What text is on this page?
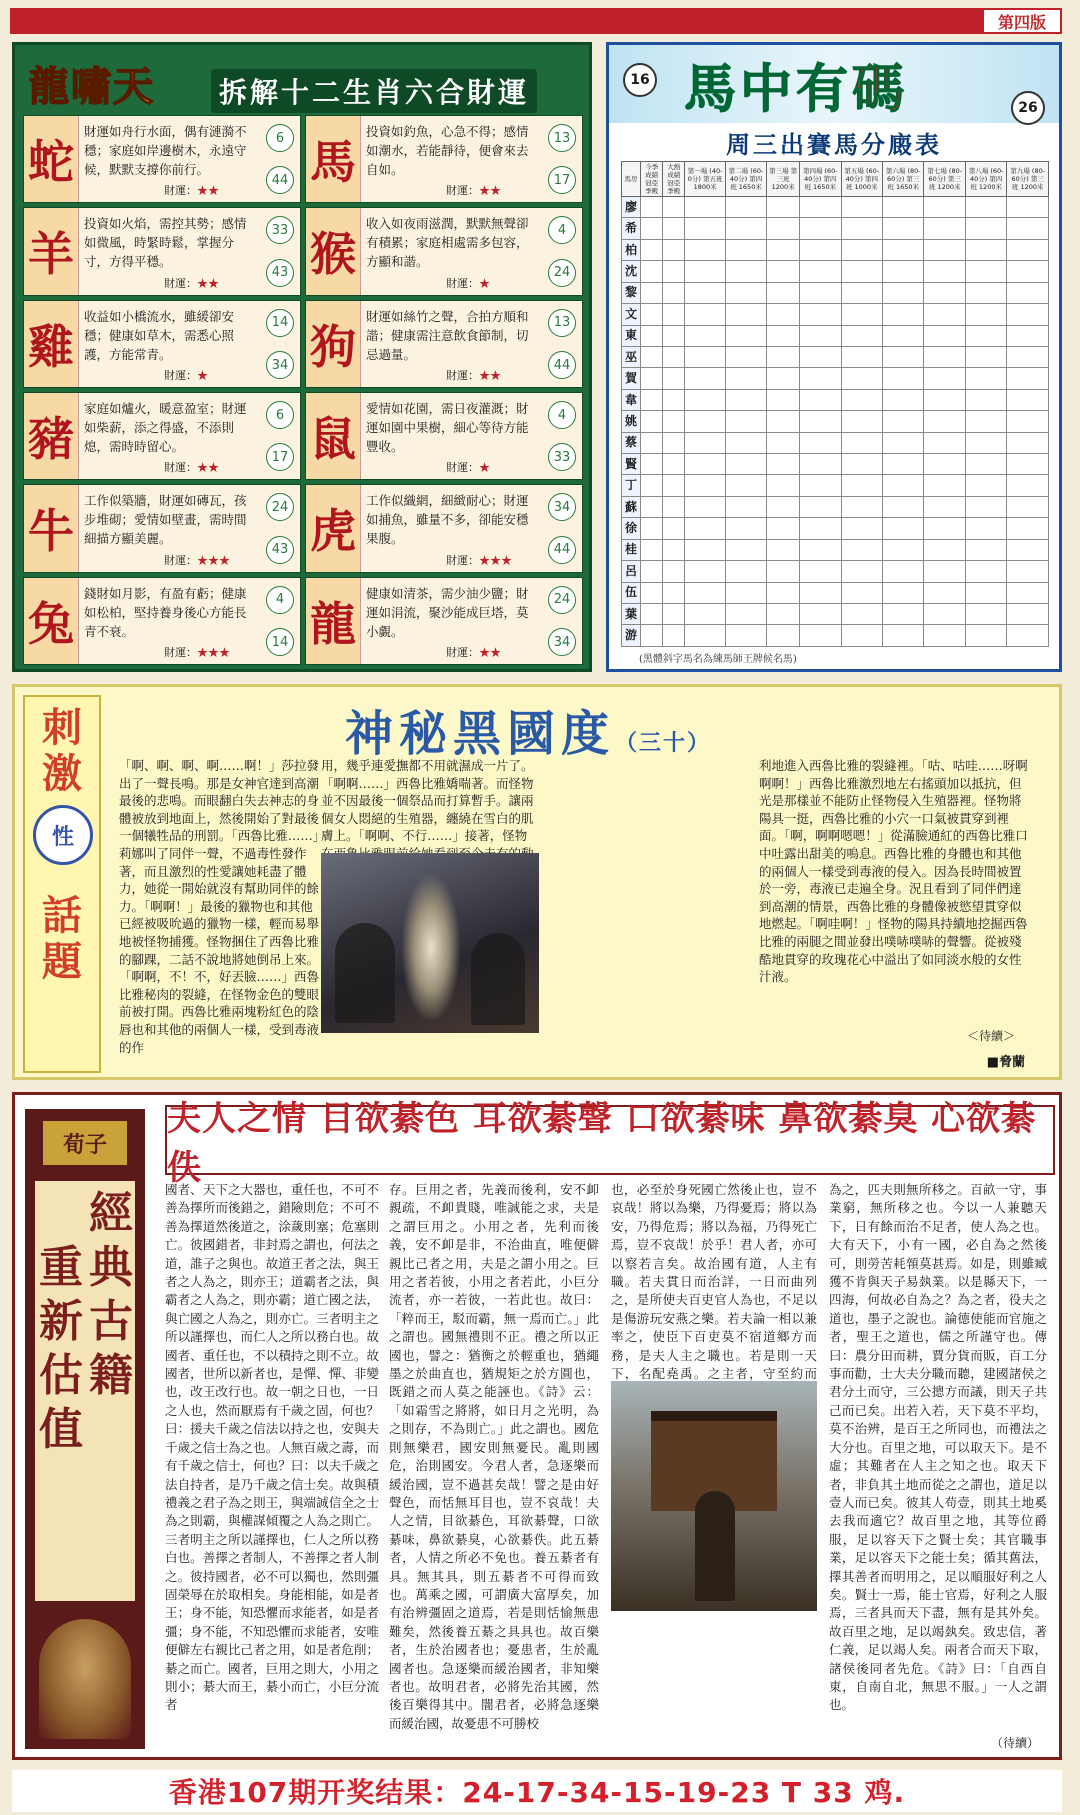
第四版
龍嘯天 拆解十二生肖六合財運
蛇
財運如舟行水面，偶有漣漪不穩；家庭如岸邊樹木，永遠守候，默默支撐你前行。
財運：★★
6
44 馬
投資如釣魚，心急不得；感情如潮水，若能靜待，便會來去自如。
財運：★★
13
17
羊
投資如火焰，需控其勢；感情如微風，時緊時鬆，掌握分寸，方得平穩。
財運：★★
33
43 猴
收入如夜雨滋潤，默默無聲卻有積累；家庭相處需多包容，方顯和諧。
財運：★
4
24
雞
收益如小橋流水，雖緩卻安穩；健康如草木，需悉心照護，方能常青。
財運：★
14
34 狗
財運如絲竹之聲，合拍方順和諧；健康需注意飲食節制，切忌過量。
財運：★★
13
44
豬
家庭如爐火，暖意盈室；財運如柴薪，添之得盛，不添則熄，需時時留心。
財運：★★
6
17 鼠
愛情如花園，需日夜灌溉；財運如園中果樹，細心等待方能豐收。
財運：★
4
33
牛
工作似築牆，財運如磚瓦，孩步堆砌；愛情如壁畫，需時間細描方顯美麗。
財運：★★★
24
43 虎
工作似織網，細緻耐心；財運如捕魚，雖量不多，卻能安穩果腹。
財運：★★★
34
44
兔
錢財如月影，有盈有虧；健康如松柏，堅持養身後心方能長青不衰。
財運：★★★
4
14 龍
健康如清茶，需少油少鹽；財運如涓流，聚沙能成巨塔，莫小覷。
財運：★★
24
34
16 馬中有碼	26
周三出賽馬分廄表
馬房	今季成績 冠亞季殿	大熱成績 冠亞季殿	第一場 (40-0分) 第五班 1800米	第二場 (60-40分) 第四班 1650米	第三場 第三班 1200米	第四場 (60-40分) 第四班 1650米	第五場 (60-40分) 第四班 1000米	第六場 (80-60分) 第三班 1650米	第七場 (80-60分) 第三班 1200米	第八場 (60-40分) 第四班 1200米	第九場 (80-60分) 第三班 1200米
廖											
希											
柏											
沈											
黎											
文											
東											
巫											
賀											
韋											
姚											
蔡											
賢											
丁											
蘇											
徐											
桂											
呂											
伍											
葉											
游											
(黑體斜字馬名為練馬師王牌候名馬)
刺激
性
話題
神秘黑國度（三十）

「啊、啊、啊、啊……啊！」莎拉發出了一聲長鳴。那是女神官達到高潮最後的悲鳴。而眼翻白失去神志的身體被放到地面上，然後開始了對最後一個犧牲品的刑罰。「西魯比雅……」莉娜叫了同伴一聲，不過毒性發作著，而且激烈的性愛讓她耗盡了體力，她從一開始就沒有幫助同伴的餘力。「啊啊！」最後的獵物也和其他已經被吸吮過的獵物一樣，輕而易舉地被怪物捕獲。怪物捆住了西魯比雅的腳踝，二話不說地將她倒吊上來。「啊啊，不！不，好丟臉……」西魯比雅秘肉的裂縫，在怪物金色的雙眼前被打開。西魯比雅兩塊粉紅色的陰唇也和其他的兩個人一樣，受到毒液的作

用，幾乎連愛撫都不用就濕成一片了。「啊啊……」西魯比雅嬌喘著。而怪物並不因最後一個祭品而打算暫手。讓兩個女人悶絕的生殖器，纏繞在雪白的肌膚上。「啊啊、不行……」接著，怪物

利地進入西魯比雅的裂縫裡。「咕、咕哇……呀啊啊啊！」西魯比雅激烈地左右搖頭加以抵抗，但光是那樣並不能防止怪物侵入生殖器裡。怪物將陽具一挺，西魯比雅的小穴一口氣被貫穿到裡面。「啊，啊啊嗯嗯！」從滿臉通紅的西魯比雅口中吐露出甜美的嗚息。西魯比雅的身體也和其他的兩個人一樣受到毒液的侵入。因為長時間被置於一旁，毒液已走遍全身。況且看到了同伴們達到高潮的情景，西魯比雅的身體像被慾望貫穿似地燃起。「啊哇啊！」怪物的陽具持續地挖掘西魯比雅的兩腿之間並發出噗哧噗哧的聲響。從被殘酷地貫穿的玫瑰花心中溢出了如同淡水般的女性汁液。

＜待續＞
■脅蘭
荀子
經典古籍
重新估值
夫人之情 目欲綦色 耳欲綦聲 口欲綦味 鼻欲綦臭 心欲綦佚

國者、天下之大器也，重任也，不可不善為擇所而後錯之，錯險則危；不可不善為擇道然後道之，涂薉則塞；危塞則亡。彼國錯者，非封焉之謂也，何法之道，誰子之與也。故道王者之法，與王者之人為之，則亦王；道霸者之法，與霸者之人為之，則亦霸；道亡國之法，與亡國之人為之，則亦亡。三者明主之所以謹擇也，而仁人之所以務白也。故國者、重任也，不以積持之則不立。故國者，世所以新者也，是憚、憚、非變也，改王改行也。故一朝之日也，一日之人也，然而厭焉有千歲之固，何也？曰：援夫千歲之信法以持之也，安與夫千歲之信士為之也。人無百歲之壽，而有千歲之信士，何也？曰：以夫千歲之法自持者，是乃千歲之信士矣。故與積禮義之君子為之則王，與端誠信全之士為之則霸，與權謀傾覆之人為之則亡。三者明主之所以謹擇也，仁人之所以務白也。善擇之者制人，不善擇之者人制之。彼持國者，必不可以獨也，然則彊固榮辱在於取相矣。身能相能，如是者王；身不能，知恐懼而求能者，如是者彊；身不能，不知恐懼而求能者，安唯便僻左右親比己者之用，如是者危削；綦之而亡。國者，巨用之則大，小用之則小；綦大而王，綦小而亡，小巨分流者

存。巨用之者，先義而後利，安不卹親疏，不卹貴賤，唯誠能之求，夫是之謂巨用之。小用之者，先利而後義，安不卹是非，不治曲直，唯便僻親比己者之用，夫是之謂小用之。巨用之者若彼，小用之者若此，小巨分流者，亦一若彼，一若此也。故曰：「粹而王，駁而霸，無一焉而亡。」此之謂也。國無禮則不正。禮之所以正國也，譬之：猶衡之於輕重也，猶繩墨之於曲直也，猶規矩之於方圓也，既錯之而人莫之能誣也。《詩》云：「如霜雪之將將，如日月之光明，為之則存，不為則亡。」此之謂也。國危則無樂君，國安則無憂民。亂則國危，治則國安。今君人者，急逐樂而緩治國，豈不過甚矣哉！譬之是由好聲色，而恬無耳目也，豈不哀哉！夫人之情，目欲綦色，耳欲綦聲，口欲綦味，鼻欲綦臭，心欲綦佚。此五綦者，人情之所必不免也。養五綦者有具。無其具，則五綦者不可得而致也。萬乘之國，可謂廣大富厚矣，加有治辨彊固之道焉，若是則恬愉無患難矣，然後養五綦之具具也。故百樂者，生於治國者也；憂患者，生於亂國者也。急逐樂而緩治國者，非知樂者也。故明君者，必將先治其國，然後百樂得其中。闇君者，必將急逐樂而緩治國，故憂患不可勝校

也，必至於身死國亡然後止也，豈不哀哉！將以為樂，乃得憂焉；將以為安，乃得危焉；將以為福，乃得死亡焉，豈不哀哉！於乎！君人者，亦可以察若言矣。故治國有道，人主有職。若夫貫日而治詳，一日而曲列之，是所使夫百吏官人為也，不足以是傷游玩安燕之樂。若夫論一相以兼率之，使臣下百吏莫不宿道鄉方而務，是夫人主之職也。若是則一天下，名配堯禹。之主者，守至約而

為之，匹夫則無所移之。百畝一守，事業窮，無所移之也。今以一人兼聽天下，日有餘而治不足者，使人為之也。大有天下，小有一國，必自為之然後可，則勞苦耗顇莫甚焉。如是，則雖臧獲不肯與天子易埶業。以是縣天下，一四海，何故必自為之？為之者，役夫之道也，墨子之說也。論德使能而官施之者，聖王之道也，儒之所謹守也。傳曰：農分田而耕，賈分貨而販，百工分事而勸，士大夫分職而聽，建國諸侯之君分土而守，三公摠方而議，則天子共己而已矣。出若入若，天下莫不平均，莫不治辨，是百王之所同也，而禮法之大分也。百里之地，可以取天下。是不虛；其難者在人主之知之也。取天下者，非負其土地而從之之謂也，道足以壹人而已矣。彼其人苟壹，則其土地奚去我而適它？故百里之地，其等位爵服，足以容天下之賢士矣；其官職事業，足以容天下之能士矣；循其舊法，擇其善者而明用之，足以順服好利之人矣。賢士一焉，能士官焉，好利之人服焉，三者具而天下盡，無有是其外矣。故百里之地，足以竭埶矣。致忠信，著仁義，足以竭人矣。兩者合而天下取，諸侯後同者先危。《詩》曰：「自西自東，自南自北，無思不服。」一人之謂也。

（待續）
香港107期开奖结果：24-17-34-15-19-23 T 33 鸡.
